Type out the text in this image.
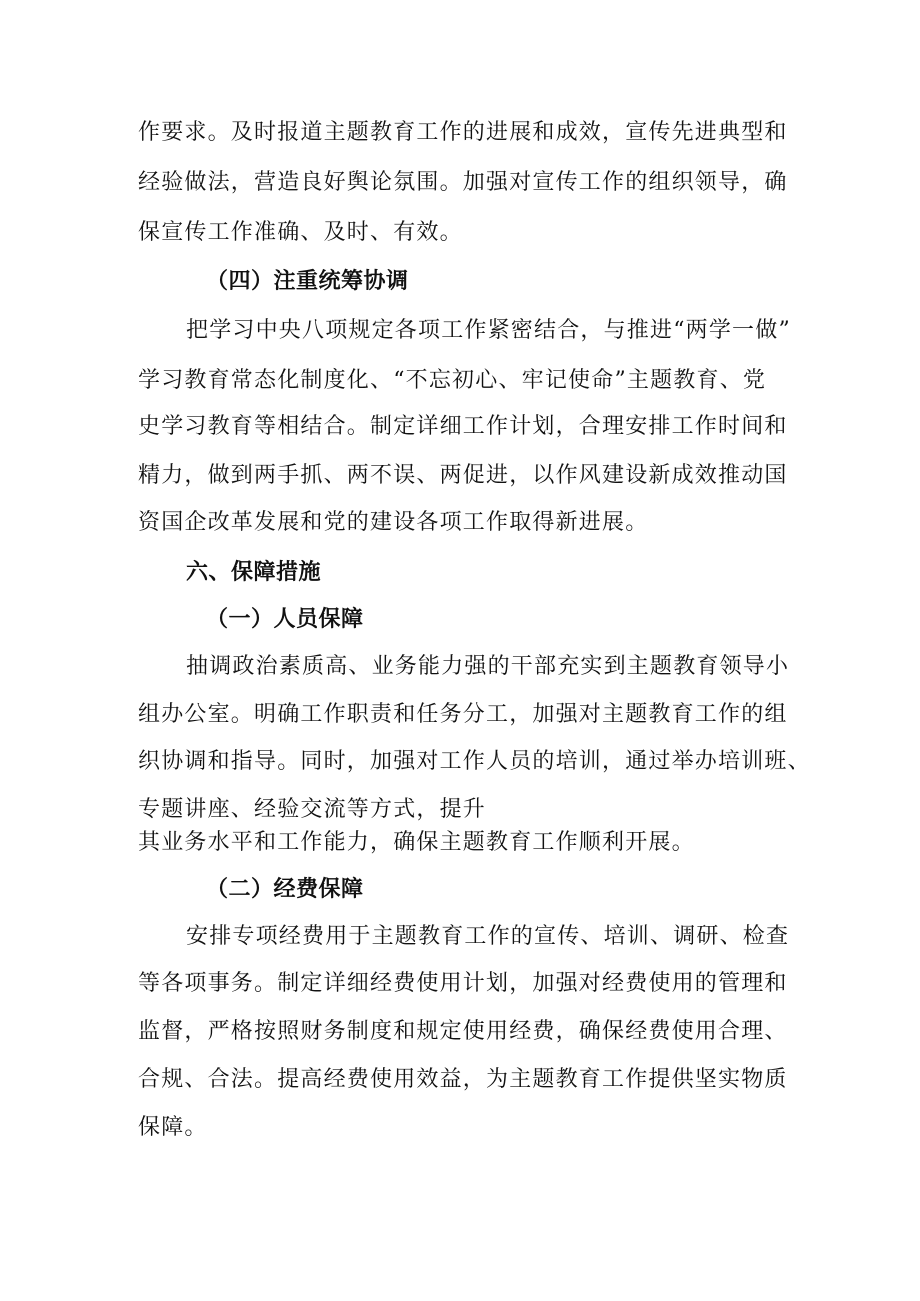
作要求。及时报道主题教育工作的进展和成效，宣传先进典型和
经验做法，营造良好舆论氛围。加强对宣传工作的组织领导，确
保宣传工作准确、及时、有效。
（四）注重统筹协调
把学习中央八项规定各项工作紧密结合，与推进“两学一做”
学习教育常态化制度化、“不忘初心、牢记使命”主题教育、党
史学习教育等相结合。制定详细工作计划，合理安排工作时间和
精力，做到两手抓、两不误、两促进，以作风建设新成效推动国
资国企改革发展和党的建设各项工作取得新进展。
六、保障措施
（一）人员保障
抽调政治素质高、业务能力强的干部充实到主题教育领导小
组办公室。明确工作职责和任务分工，加强对主题教育工作的组
织协调和指导。同时，加强对工作人员的培训，通过举办培训班、
专题讲座、经验交流等方式，提升
其业务水平和工作能力，确保主题教育工作顺利开展。
（二）经费保障
安排专项经费用于主题教育工作的宣传、培训、调研、检查
等各项事务。制定详细经费使用计划，加强对经费使用的管理和
监督，严格按照财务制度和规定使用经费，确保经费使用合理、
合规、合法。提高经费使用效益，为主题教育工作提供坚实物质
保障。
